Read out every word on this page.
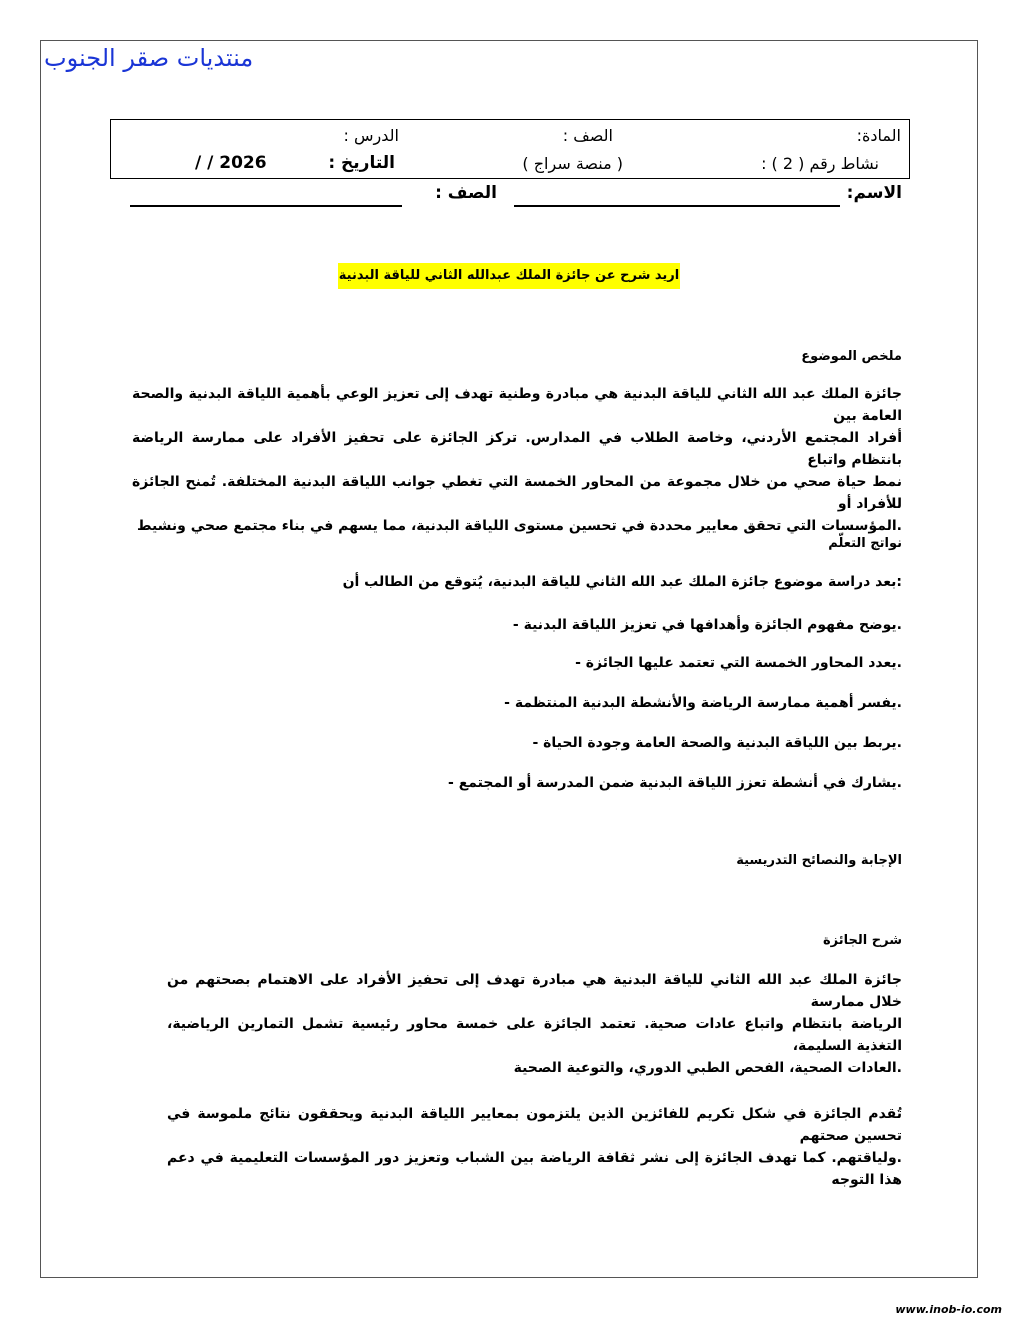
منتديات صقر الجنوب
المادة:
الصف :
الدرس :
نشاط رقم ( 2 ) :
( منصة سراج )
التاريخ :
/ / 2026
الاسم:
الصف :
اريد شرح عن جائزة الملك عبدالله الثاني للياقة البدنية
ملخص الموضوع

جائزة الملك عبد الله الثاني للياقة البدنية هي مبادرة وطنية تهدف إلى تعزيز الوعي بأهمية اللياقة البدنية والصحة العامة بين

أفراد المجتمع الأردني، وخاصة الطلاب في المدارس. تركز الجائزة على تحفيز الأفراد على ممارسة الرياضة بانتظام واتباع

نمط حياة صحي من خلال مجموعة من المحاور الخمسة التي تغطي جوانب اللياقة البدنية المختلفة. تُمنح الجائزة للأفراد أو

.المؤسسات التي تحقق معايير محددة في تحسين مستوى اللياقة البدنية، مما يسهم في بناء مجتمع صحي ونشيط

نواتج التعلّم
:بعد دراسة موضوع جائزة الملك عبد الله الثاني للياقة البدنية، يُتوقع من الطالب أن
.يوضح مفهوم الجائزة وأهدافها في تعزيز اللياقة البدنية -
.يعدد المحاور الخمسة التي تعتمد عليها الجائزة -
.يفسر أهمية ممارسة الرياضة والأنشطة البدنية المنتظمة -
.يربط بين اللياقة البدنية والصحة العامة وجودة الحياة -
.يشارك في أنشطة تعزز اللياقة البدنية ضمن المدرسة أو المجتمع -
الإجابة والنصائح التدريسية
شرح الجائزة

جائزة الملك عبد الله الثاني للياقة البدنية هي مبادرة تهدف إلى تحفيز الأفراد على الاهتمام بصحتهم من خلال ممارسة

الرياضة بانتظام واتباع عادات صحية. تعتمد الجائزة على خمسة محاور رئيسية تشمل التمارين الرياضية، التغذية السليمة،

.العادات الصحية، الفحص الطبي الدوري، والتوعية الصحية

تُقدم الجائزة في شكل تكريم للفائزين الذين يلتزمون بمعايير اللياقة البدنية ويحققون نتائج ملموسة في تحسين صحتهم

.ولياقتهم. كما تهدف الجائزة إلى نشر ثقافة الرياضة بين الشباب وتعزيز دور المؤسسات التعليمية في دعم هذا التوجه

www.inob-io.com
